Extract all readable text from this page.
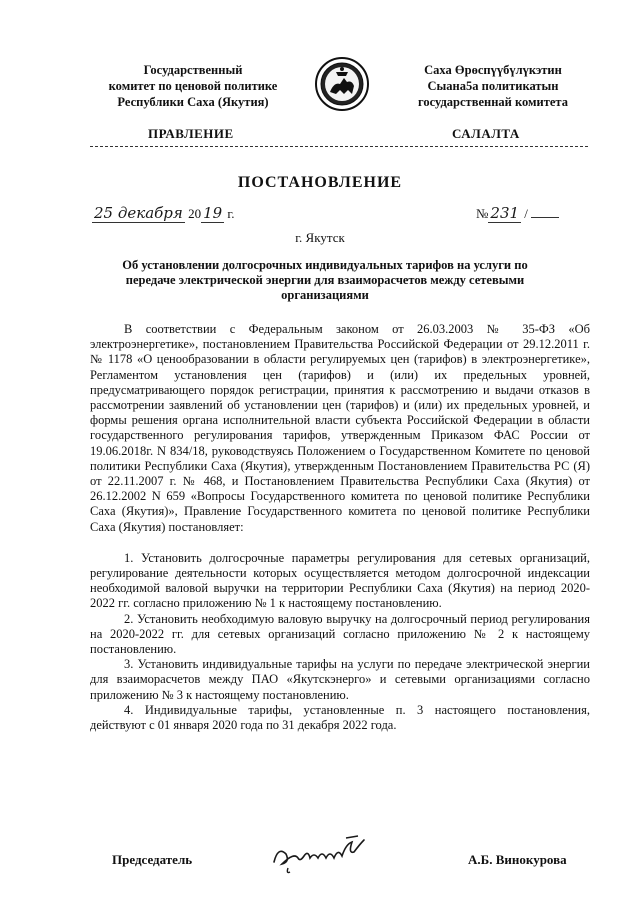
Государственный
комитет по ценовой политике
Республики Саха (Якутия)
Саха Өрөспүүбүлүкэтин
Сыана5а политикатын
государственнай комитета
ПРАВЛЕНИЕ	САЛАЛТА
ПОСТАНОВЛЕНИЕ
25 декабря 20 19 г.	№ 231 /
г. Якутск
Об установлении долгосрочных индивидуальных тарифов на услуги по передаче электрической энергии для взаиморасчетов между сетевыми организациями

В соответствии с Федеральным законом от 26.03.2003 № 35-ФЗ «Об электроэнергетике», постановлением Правительства Российской Федерации от 29.12.2011 г. № 1178 «О ценообразовании в области регулируемых цен (тарифов) в электроэнергетике», Регламентом установления цен (тарифов) и (или) их предельных уровней, предусматривающего порядок регистрации, принятия к рассмотрению и выдачи отказов в рассмотрении заявлений об установлении цен (тарифов) и (или) их предельных уровней, и формы решения органа исполнительной власти субъекта Российской Федерации в области государственного регулирования тарифов, утвержденным Приказом ФАС России от 19.06.2018г. N 834/18, руководствуясь Положением о Государственном Комитете по ценовой политики Республики Саха (Якутия), утвержденным Постановлением Правительства РС (Я) от 22.11.2007 г. № 468, и Постановлением Правительства Республики Саха (Якутия) от 26.12.2002 N 659 «Вопросы Государственного комитета по ценовой политике Республики Саха (Якутия)», Правление Государственного комитета по ценовой политике Республики Саха (Якутия) постановляет:

1. Установить долгосрочные параметры регулирования для сетевых организаций, регулирование деятельности которых осуществляется методом долгосрочной индексации необходимой валовой выручки на территории Республики Саха (Якутия) на период 2020-2022 гг. согласно приложению № 1 к настоящему постановлению.

2. Установить необходимую валовую выручку на долгосрочный период регулирования на 2020-2022 гг. для сетевых организаций согласно приложению № 2 к настоящему постановлению.

3. Установить индивидуальные тарифы на услуги по передаче электрической энергии для взаиморасчетов между ПАО «Якутскэнерго» и сетевыми организациями согласно приложению № 3 к настоящему постановлению.

4. Индивидуальные тарифы, установленные п. 3 настоящего постановления, действуют с 01 января 2020 года по 31 декабря 2022 года.

Председатель	А.Б. Винокурова
